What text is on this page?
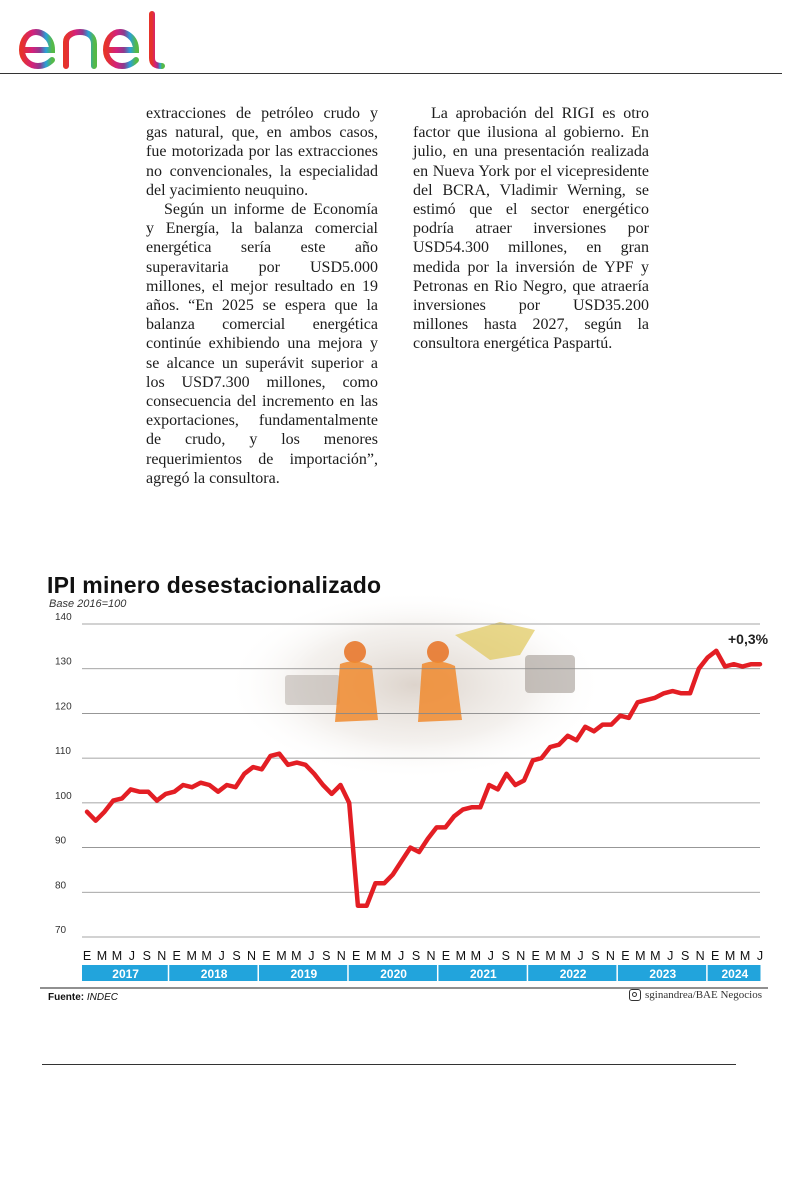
extracciones de petróleo crudo y gas natural, que, en ambos casos, fue motorizada por las extracciones no convencionales, la especialidad del yacimiento neuquino.

Según un informe de Economía y Energía, la balanza comercial energética sería este año superavitaria por USD5.000 millones, el mejor resultado en 19 años. “En 2025 se espera que la balanza comercial energética continúe exhibiendo una mejora y se alcance un superávit superior a los USD7.300 millones, como consecuencia del incremento en las exportaciones, fundamentalmente de crudo, y los menores requerimientos de importación”, agregó la consultora.

La aprobación del RIGI es otro factor que ilusiona al gobierno. En julio, en una presentación realizada en Nueva York por el vicepresidente del BCRA, Vladimir Werning, se estimó que el sector energético podría atraer inversiones por USD54.300 millones, en gran medida por la inversión de YPF y Petronas en Rio Negro, que atraería inversiones por USD35.200 millones hasta 2027, según la consultora energética Paspartú.

70
80
90
100
110
120
130
140
+0,3%
E M M J S N E M M J S N E M M J S N E M M J S N E M M J S N E M M J S N E M M J S N E M M J
2017	2018	2019	2020	2021	2022	2023	2024
IPI minero desestacionalizado
Base 2016=100
Fuente: INDEC	sginandrea/BAE Negocios
